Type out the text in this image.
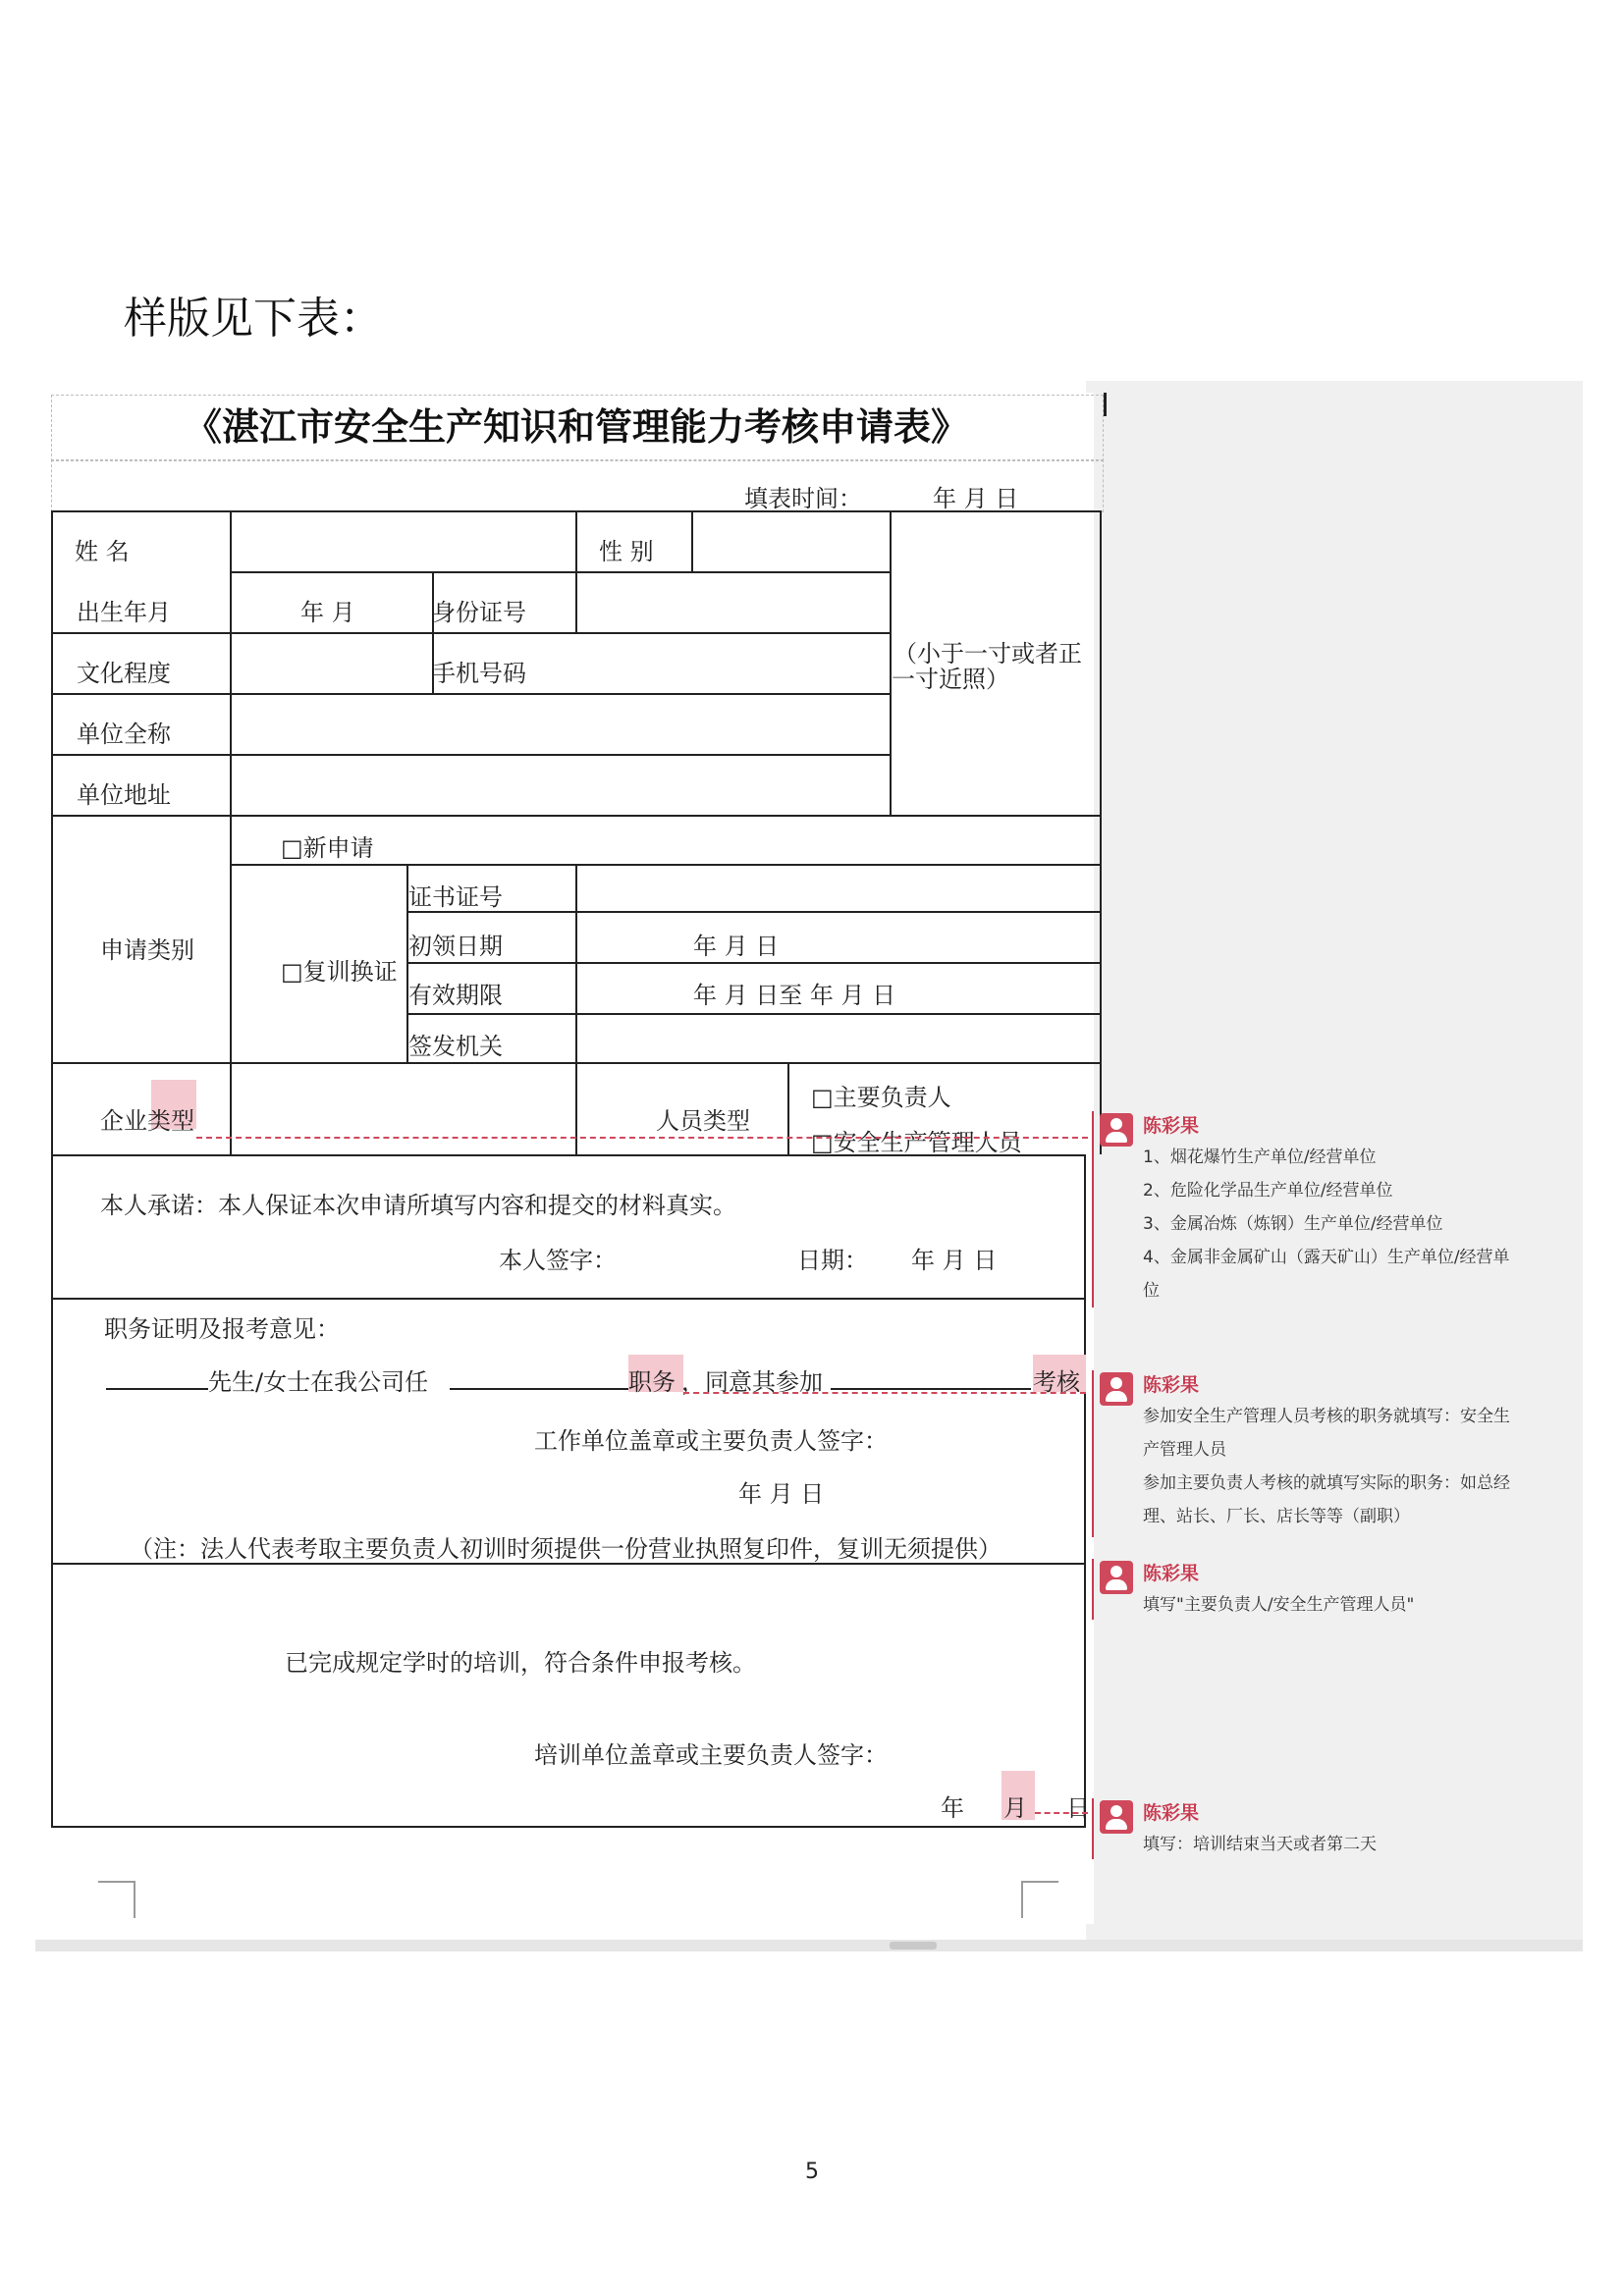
样版见下表：
《湛江市安全生产知识和管理能力考核申请表》
填表时间：	年 月 日
姓 名	性 别
出生年月	年 月	身份证号
文化程度	手机号码
单位全称
单位地址
（小于一寸或者正
一寸近照）
□新申请
申请类别
□复训换证
证书证号
初领日期	年 月 日
有效期限	年 月 日至 年 月 日
签发机关
企业类型	人员类型
□主要负责人
□安全生产管理人员
本人承诺：本人保证本次申请所填写内容和提交的材料真实。
本人签字：	日期： 年 月 日
职务证明及报考意见：
先生/女士在我公司任	职务 ，同意其参加	考核
工作单位盖章或主要负责人签字：
年 月 日
（注：法人代表考取主要负责人初训时须提供一份营业执照复印件，复训无须提供）
已完成规定学时的培训，符合条件申报考核。
培训单位盖章或主要负责人签字：
年 月 日
陈彩果
1、烟花爆竹生产单位/经营单位
2、危险化学品生产单位/经营单位
3、金属冶炼（炼钢）生产单位/经营单位
4、金属非金属矿山（露天矿山）生产单位/经营单
位
陈彩果
参加安全生产管理人员考核的职务就填写：安全生
产管理人员
参加主要负责人考核的就填写实际的职务：如总经
理、站长、厂长、店长等等（副职）
陈彩果
填写"主要负责人/安全生产管理人员"
陈彩果
填写：培训结束当天或者第二天
5
